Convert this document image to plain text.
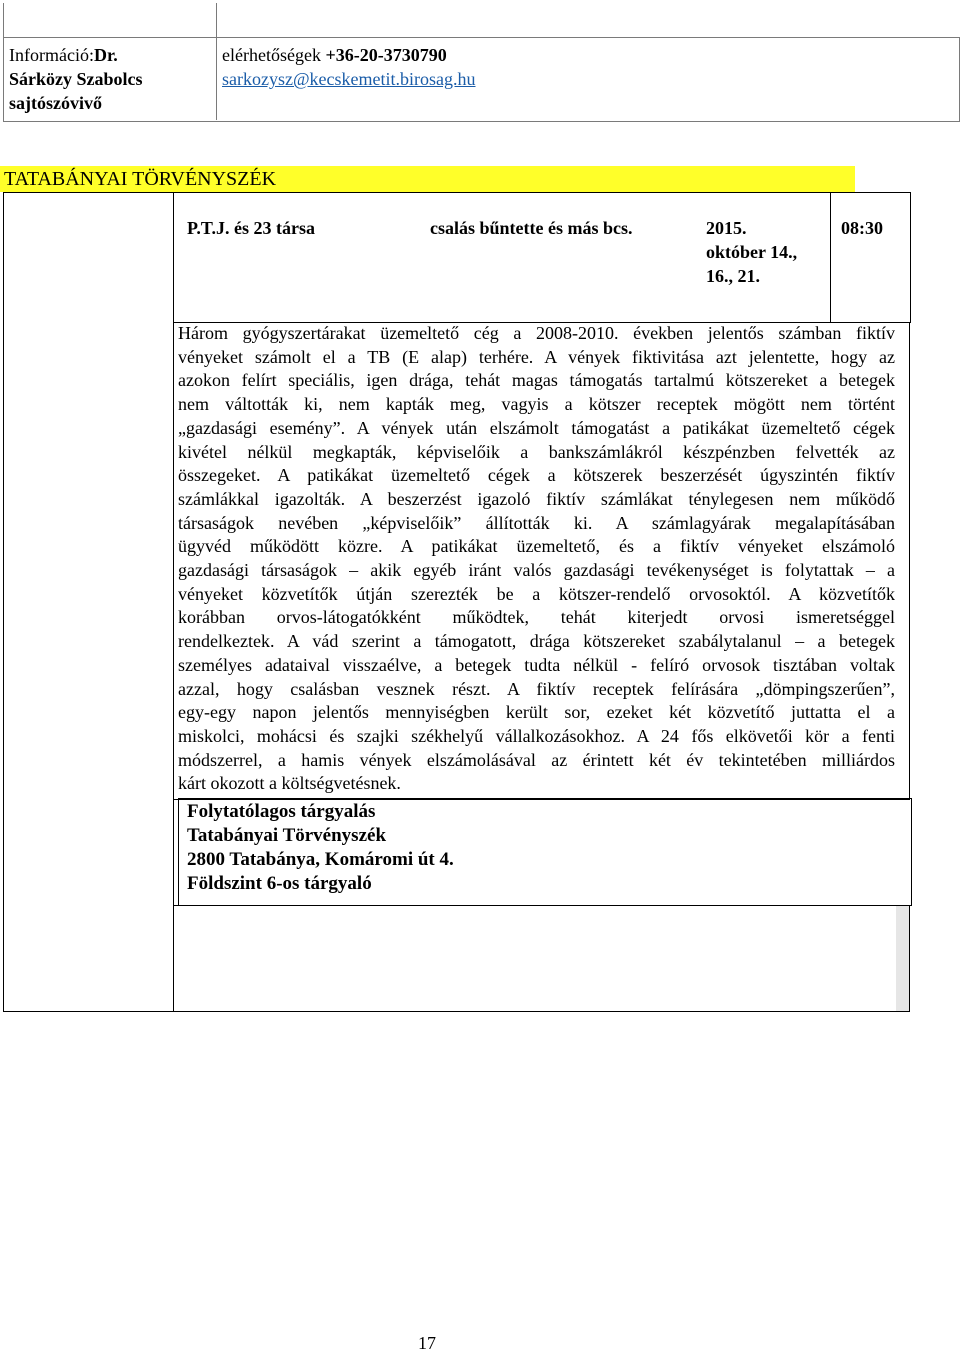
Információ:Dr.
Sárközy Szabolcs
sajtószóvivő
elérhetőségek +36-20-3730790
sarkozysz@kecskemetit.birosag.hu
TATABÁNYAI TÖRVÉNYSZÉK
P.T.J. és 23 társa	csalás bűntette és más bcs.	2015.
október 14.,
16., 21.
08:30
Három gyógyszertárakat üzemeltető cég a 2008-2010. években jelentős számban fiktív
vényeket számolt el a TB (E alap) terhére. A vények fiktivitása azt jelentette, hogy az
azokon felírt speciális, igen drága, tehát magas támogatás tartalmú kötszereket a betegek
nem váltották ki, nem kapták meg, vagyis a kötszer receptek mögött nem történt
„gazdasági esemény”. A vények után elszámolt támogatást a patikákat üzemeltető cégek
kivétel nélkül megkapták, képviselőik a bankszámlákról készpénzben felvették az
összegeket. A patikákat üzemeltető cégek a kötszerek beszerzését úgyszintén fiktív
számlákkal igazolták. A beszerzést igazoló fiktív számlákat ténylegesen nem működő
társaságok nevében „képviselőik” állították ki. A számlagyárak megalapításában
ügyvéd működött közre. A patikákat üzemeltető, és a fiktív vényeket elszámoló
gazdasági társaságok – akik egyéb iránt valós gazdasági tevékenységet is folytattak – a
vényeket közvetítők útján szerezték be a kötszer-rendelő orvosoktól. A közvetítők
korábban orvos-látogatókként működtek, tehát kiterjedt orvosi ismeretséggel
rendelkeztek. A vád szerint a támogatott, drága kötszereket szabálytalanul – a betegek
személyes adataival visszaélve, a betegek tudta nélkül - felíró orvosok tisztában voltak
azzal, hogy csalásban vesznek részt. A fiktív receptek felírására „dömpingszerűen”,
egy-egy napon jelentős mennyiségben került sor, ezeket két közvetítő juttatta el a
miskolci, mohácsi és szajki székhelyű vállalkozásokhoz. A 24 fős elkövetői kör a fenti
módszerrel, a hamis vények elszámolásával az érintett két év tekintetében milliárdos
kárt okozott a költségvetésnek.
Folytatólagos tárgyalás
Tatabányai Törvényszék
2800 Tatabánya, Komáromi út 4.
Földszint 6-os tárgyaló
17
